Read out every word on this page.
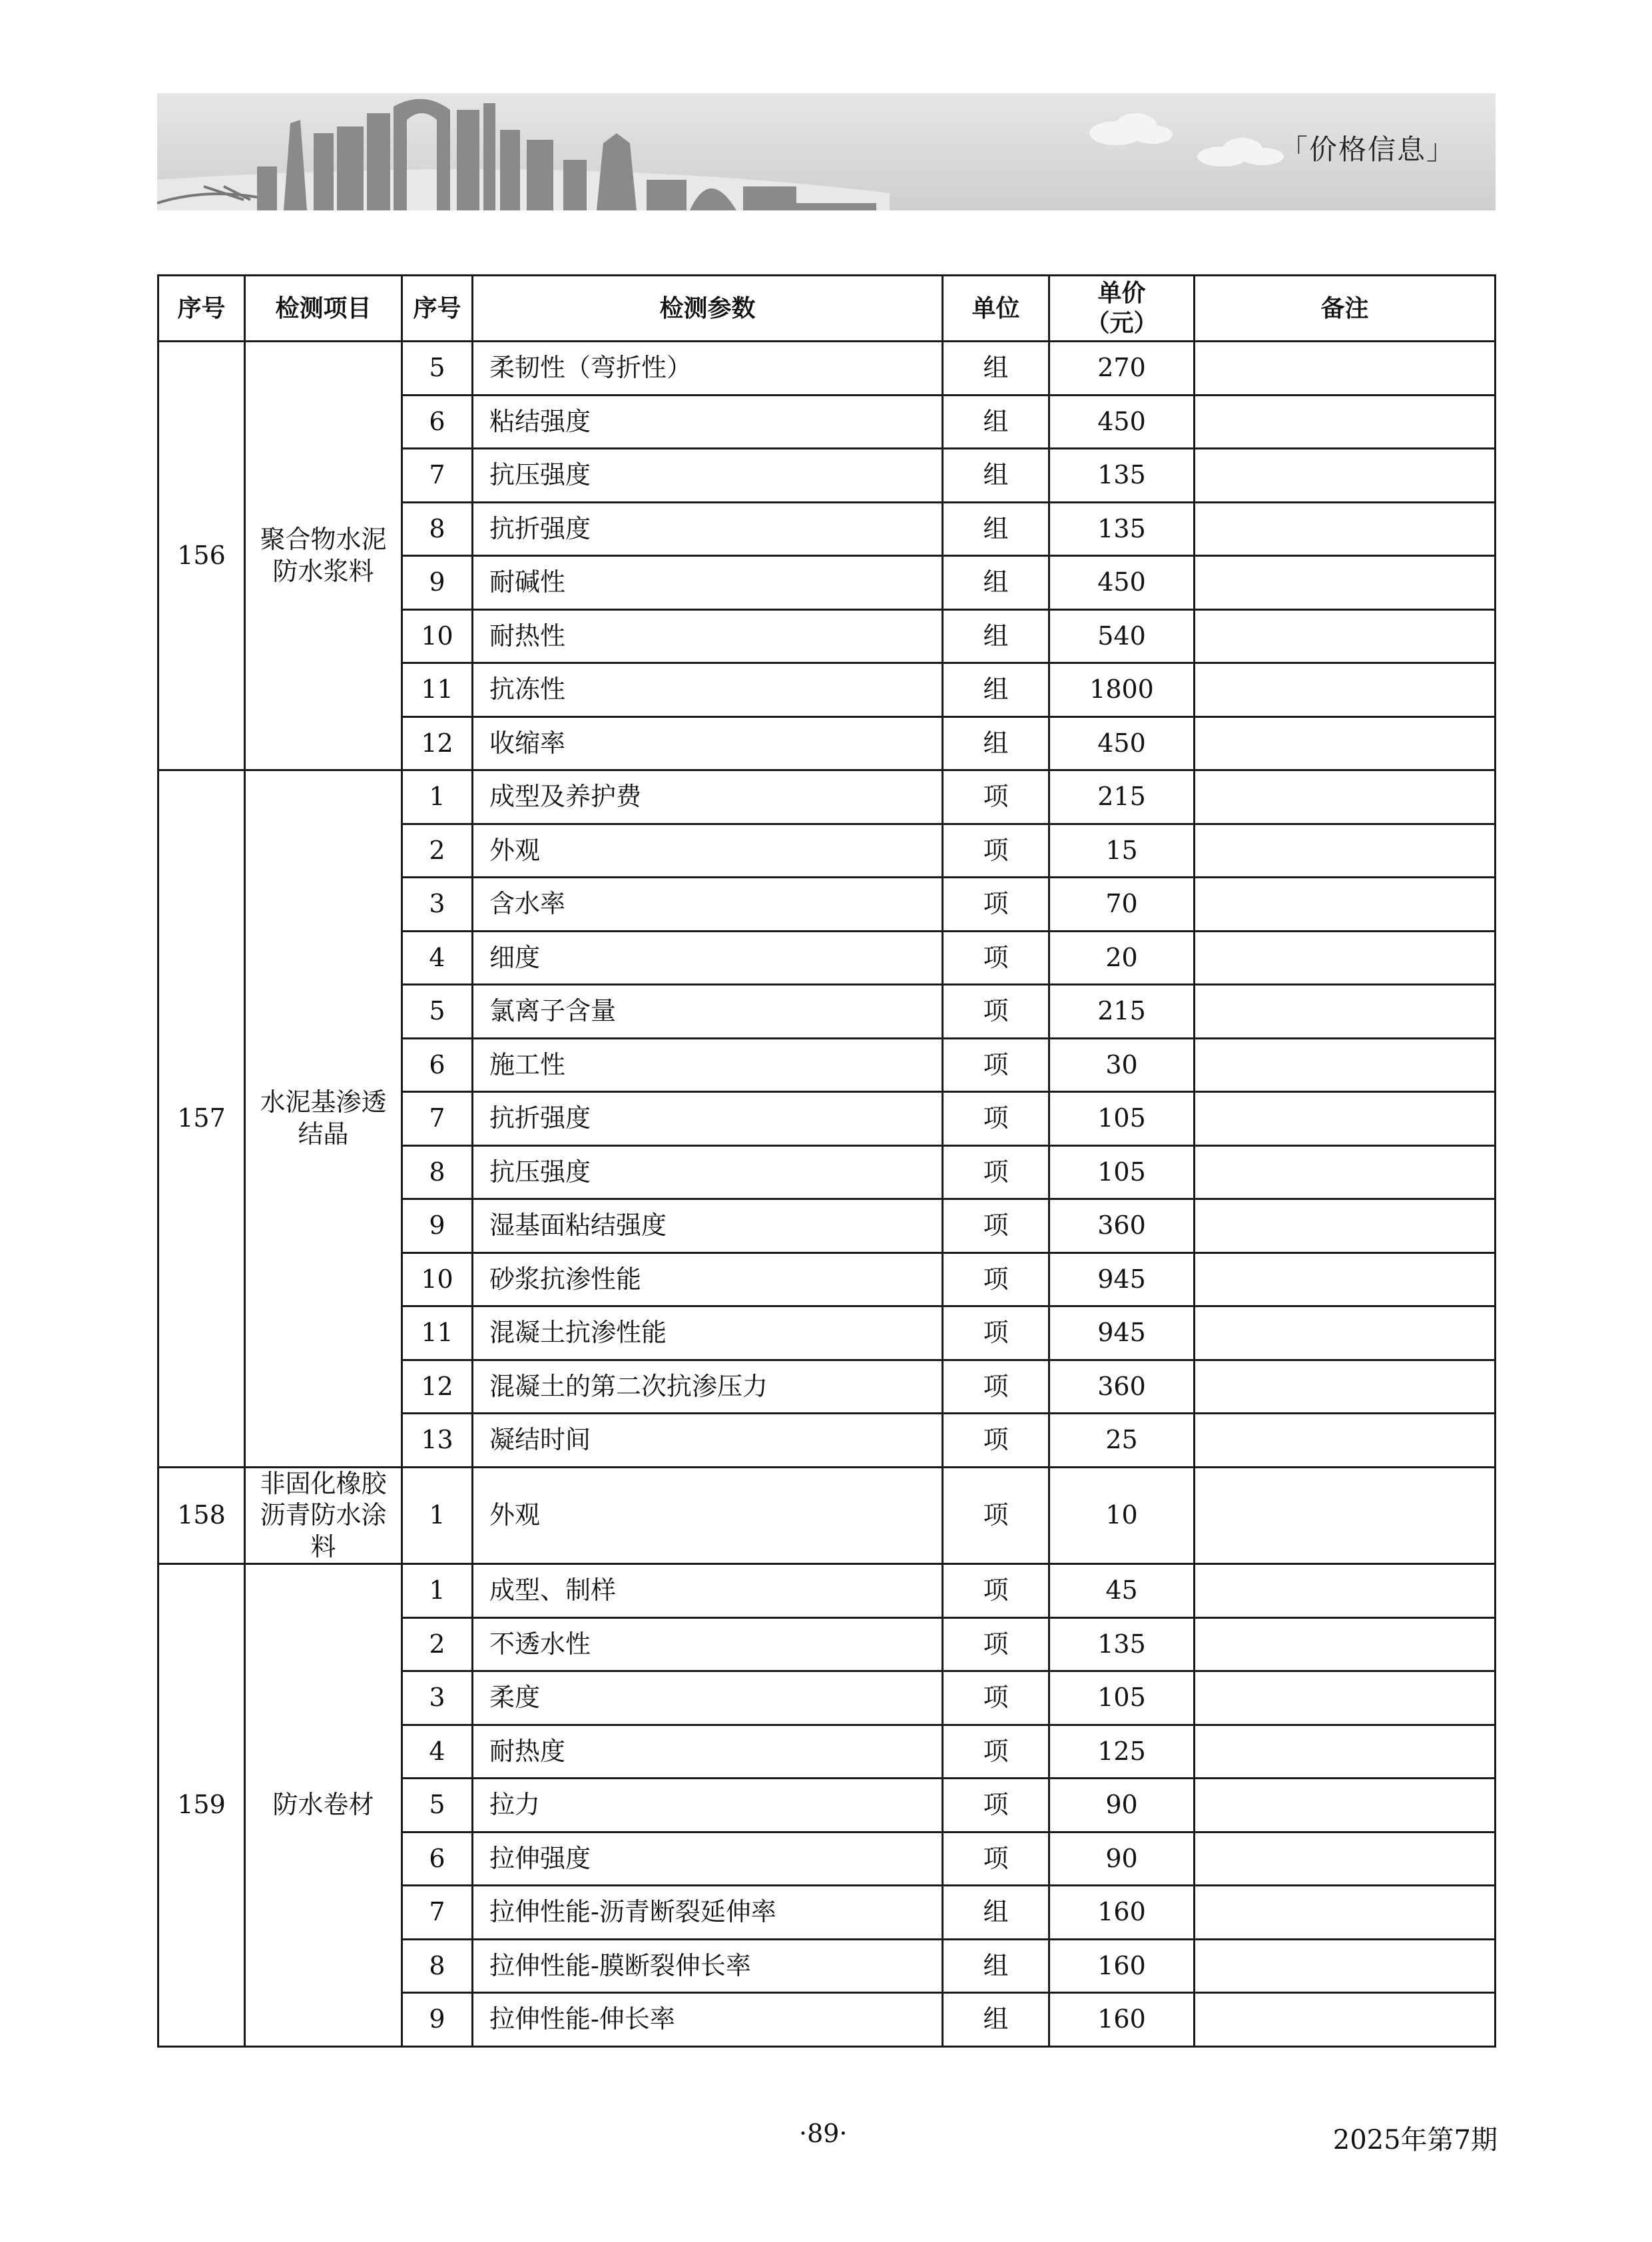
「价格信息」
序号	检测项目	序号	检测参数	单位	单价（元）	备注
156	聚合物水泥防水浆料	5	柔韧性（弯折性）	组	270	
		6	粘结强度	组	450	
		7	抗压强度	组	135	
		8	抗折强度	组	135	
		9	耐碱性	组	450	
		10	耐热性	组	540	
		11	抗冻性	组	1800	
		12	收缩率	组	450	
157	水泥基渗透结晶	1	成型及养护费	项	215	
		2	外观	项	15	
		3	含水率	项	70	
		4	细度	项	20	
		5	氯离子含量	项	215	
		6	施工性	项	30	
		7	抗折强度	项	105	
		8	抗压强度	项	105	
		9	湿基面粘结强度	项	360	
		10	砂浆抗渗性能	项	945	
		11	混凝土抗渗性能	项	945	
		12	混凝土的第二次抗渗压力	项	360	
		13	凝结时间	项	25	
158	非固化橡胶沥青防水涂料	1	外观	项	10	
159	防水卷材	1	成型、制样	项	45	
		2	不透水性	项	135	
		3	柔度	项	105	
		4	耐热度	项	125	
		5	拉力	项	90	
		6	拉伸强度	项	90	
		7	拉伸性能-沥青断裂延伸率	组	160	
		8	拉伸性能-膜断裂伸长率	组	160	
		9	拉伸性能-伸长率	组	160	
·89·	2025年第7期
